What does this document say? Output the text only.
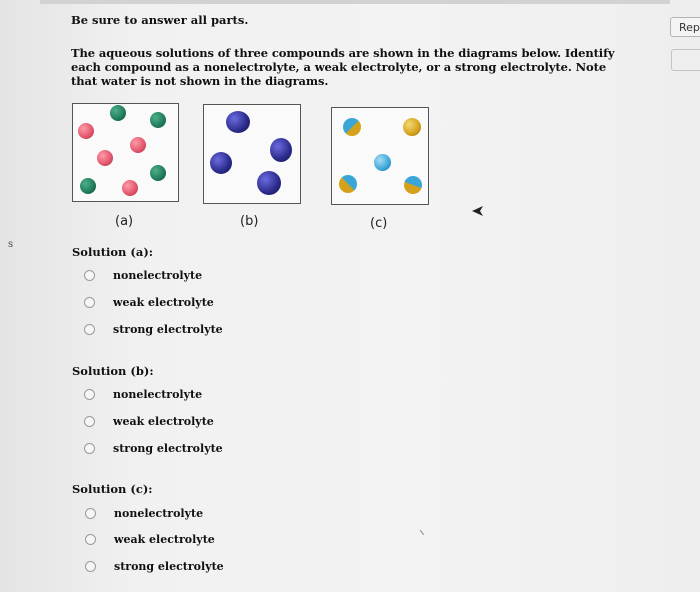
Be sure to answer all parts.
The aqueous solutions of three compounds are shown in the diagrams below. Identify each compound as a nonelectrolyte, a weak electrolyte, or a strong electrolyte. Note that water is not shown in the diagrams.
Rep
s
(a)	(b)	(c)
Solution (a):
nonelectrolyte
weak electrolyte
strong electrolyte
Solution (b):
nonelectrolyte
weak electrolyte
strong electrolyte
Solution (c):
nonelectrolyte
weak electrolyte
strong electrolyte
